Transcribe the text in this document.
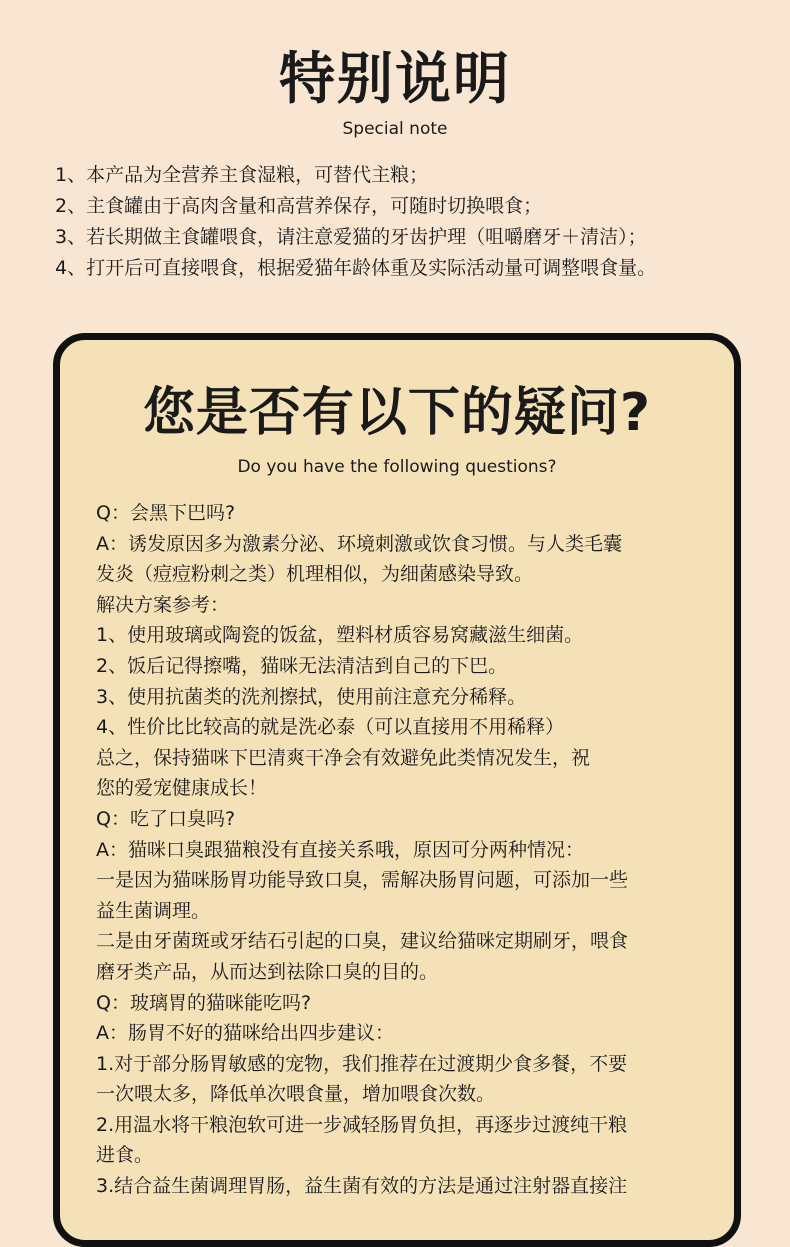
特别说明

Special note

1、本产品为全营养主食湿粮，可替代主粮；
2、主食罐由于高肉含量和高营养保存，可随时切换喂食；
3、若长期做主食罐喂食，请注意爱猫的牙齿护理（咀嚼磨牙＋清洁）；
4、打开后可直接喂食，根据爱猫年龄体重及实际活动量可调整喂食量。
您是否有以下的疑问?

Do you have the following questions?

Q：会黑下巴吗?
A：诱发原因多为激素分泌、环境刺激或饮食习惯。与人类毛囊
发炎（痘痘粉刺之类）机理相似，为细菌感染导致。
解决方案参考：
1、使用玻璃或陶瓷的饭盆，塑料材质容易窝藏滋生细菌。
2、饭后记得擦嘴，猫咪无法清洁到自己的下巴。
3、使用抗菌类的洗剂擦拭，使用前注意充分稀释。
4、性价比比较高的就是洗必泰（可以直接用不用稀释）
总之，保持猫咪下巴清爽干净会有效避免此类情况发生，祝
您的爱宠健康成长！
Q：吃了口臭吗?
A：猫咪口臭跟猫粮没有直接关系哦，原因可分两种情况：
一是因为猫咪肠胃功能导致口臭，需解决肠胃问题，可添加一些
益生菌调理。
二是由牙菌斑或牙结石引起的口臭，建议给猫咪定期刷牙，喂食
磨牙类产品，从而达到祛除口臭的目的。
Q：玻璃胃的猫咪能吃吗?
A：肠胃不好的猫咪给出四步建议：
1.对于部分肠胃敏感的宠物，我们推荐在过渡期少食多餐，不要
一次喂太多，降低单次喂食量，增加喂食次数。
2.用温水将干粮泡软可进一步减轻肠胃负担，再逐步过渡纯干粮
进食。
3.结合益生菌调理胃肠，益生菌有效的方法是通过注射器直接注
